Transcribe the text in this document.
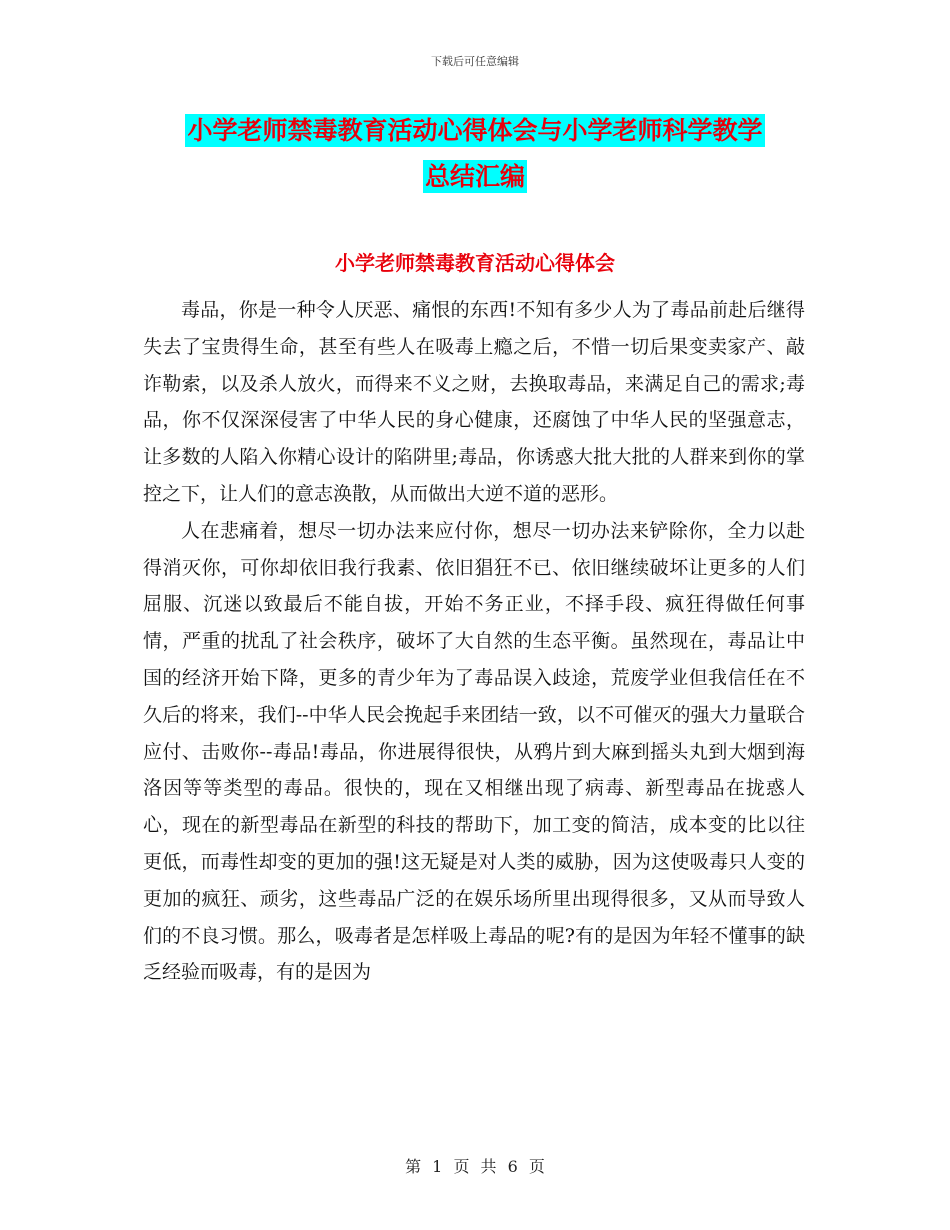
下载后可任意编辑
小学老师禁毒教育活动心得体会与小学老师科学教学
总结汇编
小学老师禁毒教育活动心得体会

毒品，你是一种令人厌恶、痛恨的东西!不知有多少人为了毒品前赴后继得失去了宝贵得生命，甚至有些人在吸毒上瘾之后，不惜一切后果变卖家产、敲诈勒索，以及杀人放火，而得来不义之财，去换取毒品，来满足自己的需求;毒品，你不仅深深侵害了中华人民的身心健康，还腐蚀了中华人民的坚强意志，让多数的人陷入你精心设计的陷阱里;毒品，你诱惑大批大批的人群来到你的掌控之下，让人们的意志涣散，从而做出大逆不道的恶形。

人在悲痛着，想尽一切办法来应付你，想尽一切办法来铲除你，全力以赴得消灭你，可你却依旧我行我素、依旧猖狂不已、依旧继续破坏让更多的人们屈服、沉迷以致最后不能自拔，开始不务正业，不择手段、疯狂得做任何事情，严重的扰乱了社会秩序，破坏了大自然的生态平衡。虽然现在，毒品让中国的经济开始下降，更多的青少年为了毒品误入歧途，荒废学业但我信任在不久后的将来，我们--中华人民会挽起手来团结一致，以不可催灭的强大力量联合应付、击败你--毒品!毒品，你进展得很快，从鸦片到大麻到摇头丸到大烟到海洛因等等类型的毒品。很快的，现在又相继出现了病毒、新型毒品在拢惑人心，现在的新型毒品在新型的科技的帮助下，加工变的简洁，成本变的比以往更低，而毒性却变的更加的强!这无疑是对人类的威胁，因为这使吸毒只人变的更加的疯狂、顽劣，这些毒品广泛的在娱乐场所里出现得很多，又从而导致人们的不良习惯。那么，吸毒者是怎样吸上毒品的呢?有的是因为年轻不懂事的缺乏经验而吸毒，有的是因为

第 1 页 共 6 页
